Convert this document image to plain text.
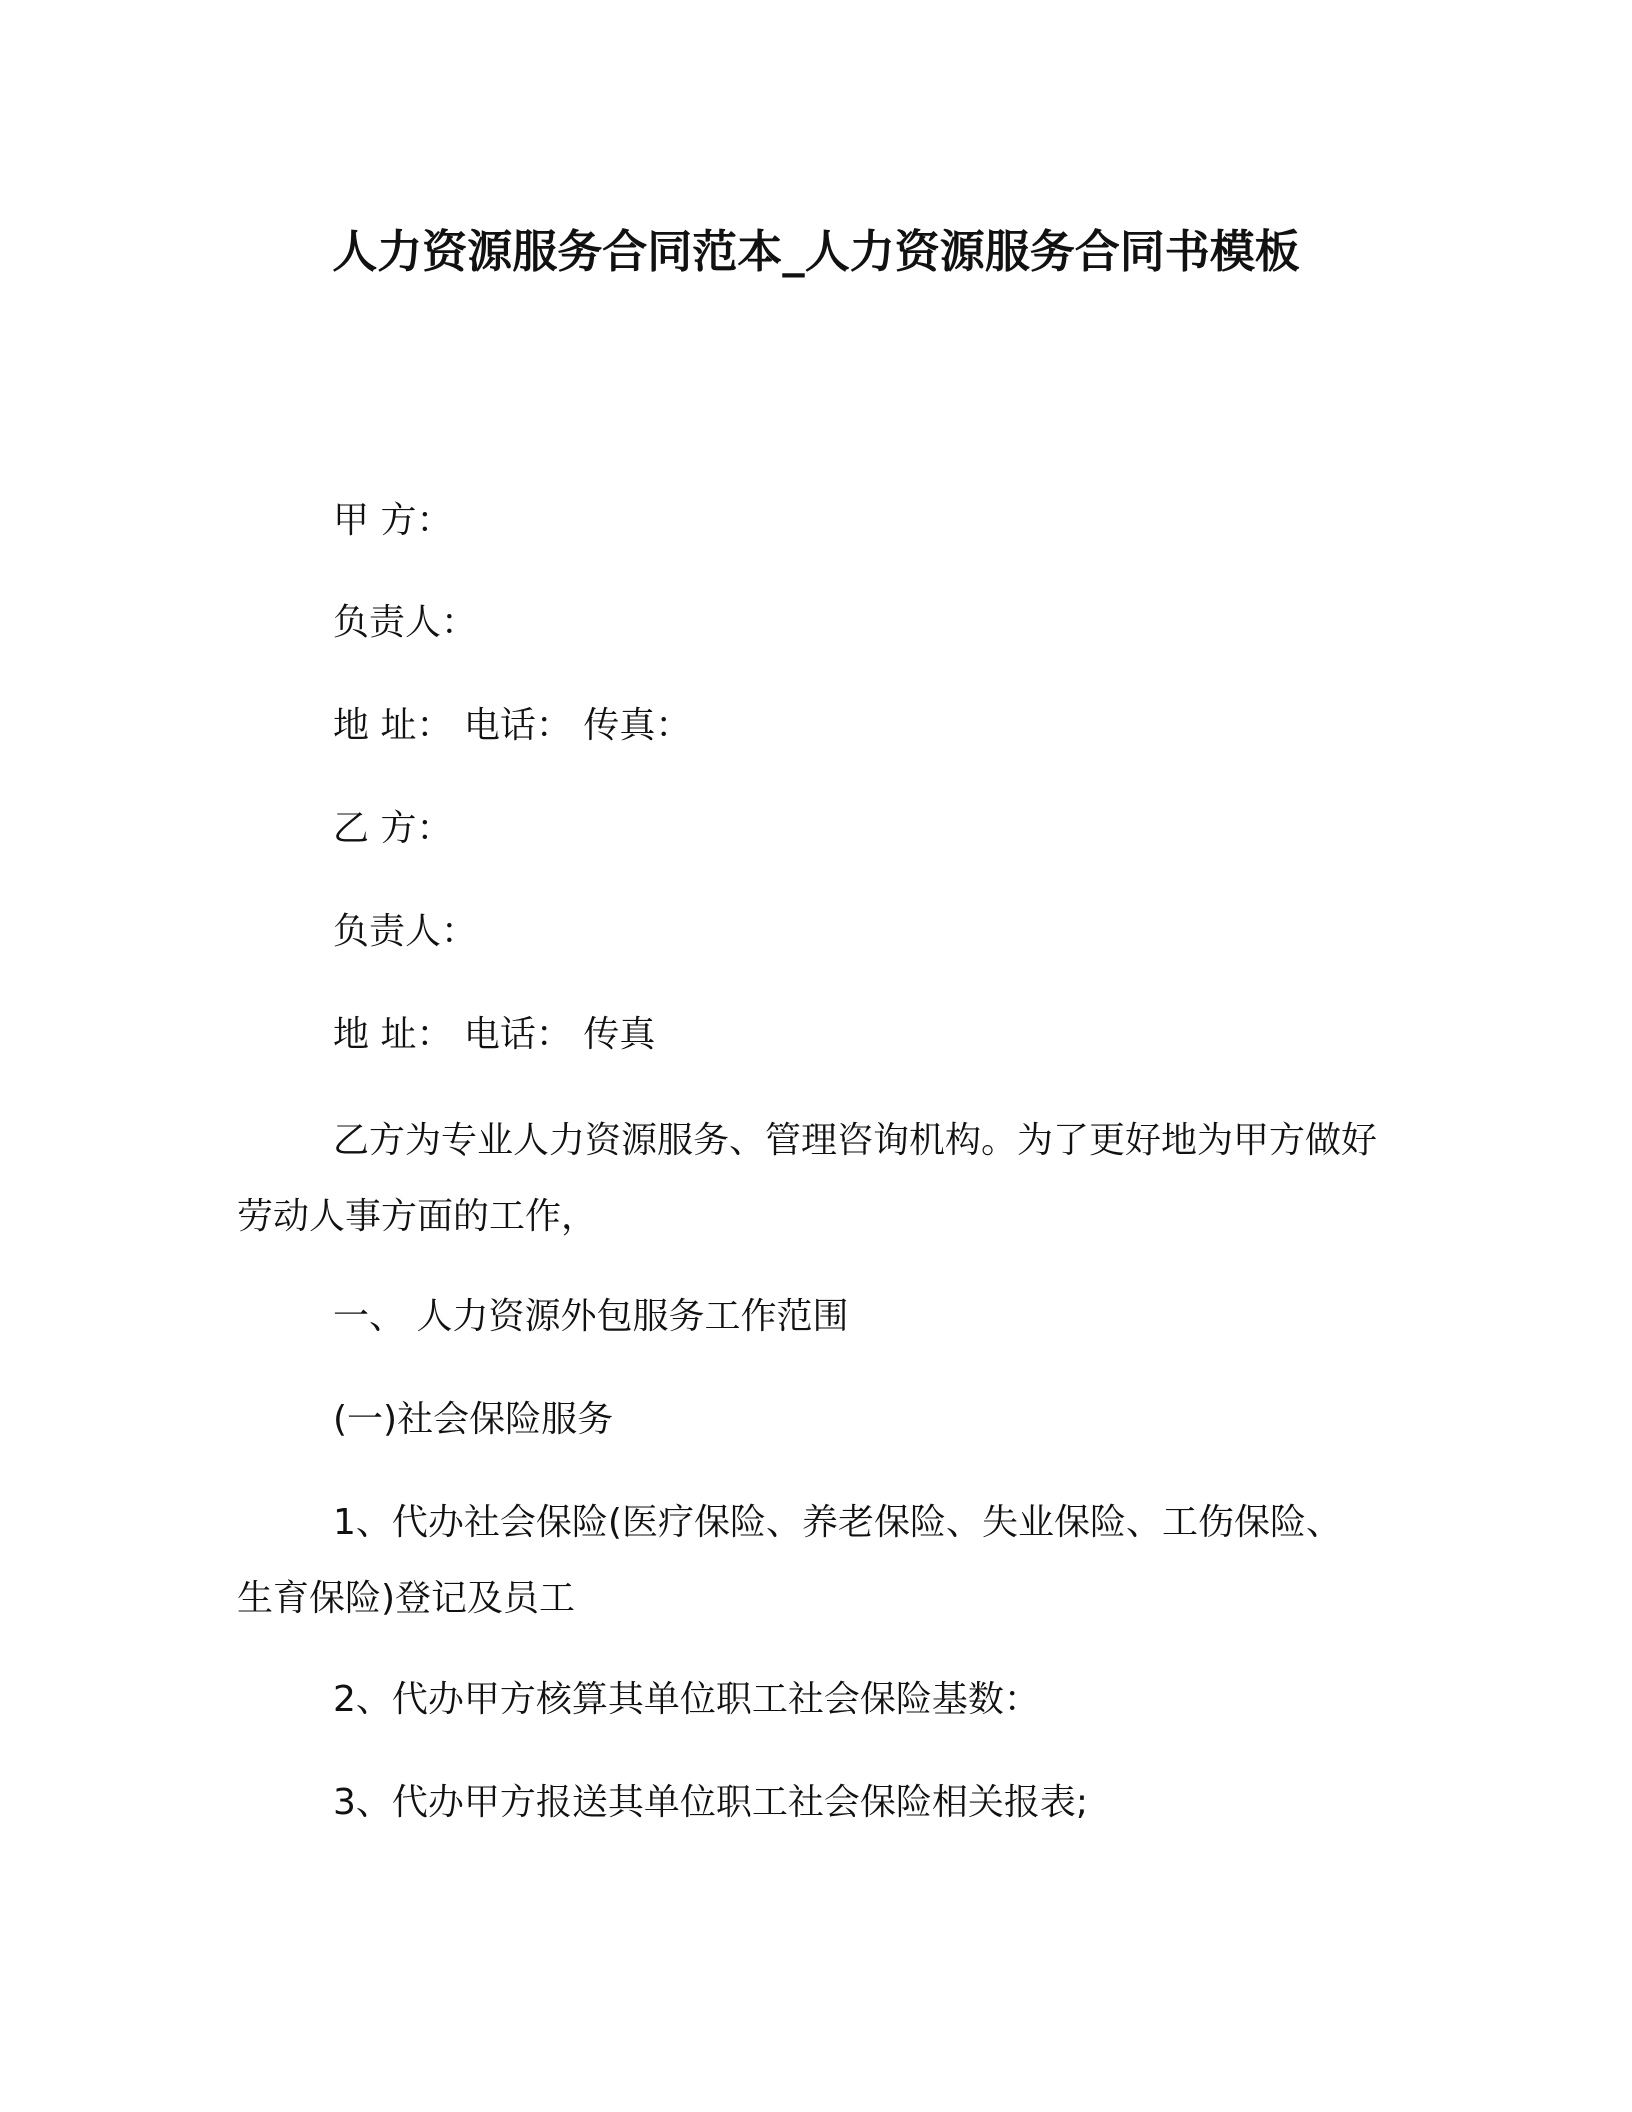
人力资源服务合同范本_人力资源服务合同书模板

甲 方：

负责人：

地 址： 电话： 传真：

乙 方：

负责人：

地 址： 电话： 传真

乙方为专业人力资源服务、管理咨询机构。为了更好地为甲方做好劳动人事方面的工作，

一、 人力资源外包服务工作范围

(一)社会保险服务

1、代办社会保险(医疗保险、养老保险、失业保险、工伤保险、生育保险)登记及员工

2、代办甲方核算其单位职工社会保险基数：

3、代办甲方报送其单位职工社会保险相关报表;
